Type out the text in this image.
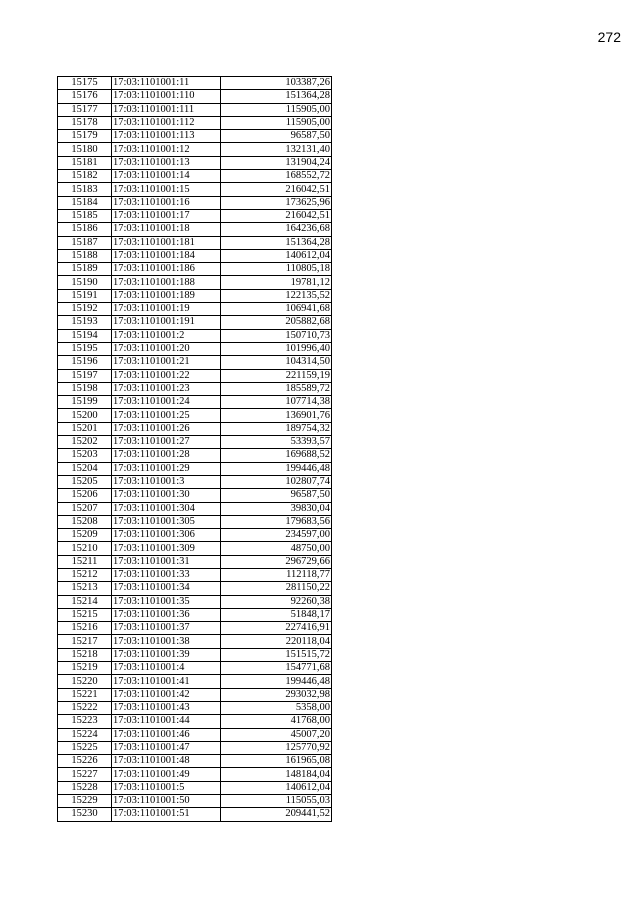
272
15175	17:03:1101001:11	103387,26
15176	17:03:1101001:110	151364,28
15177	17:03:1101001:111	115905,00
15178	17:03:1101001:112	115905,00
15179	17:03:1101001:113	96587,50
15180	17:03:1101001:12	132131,40
15181	17:03:1101001:13	131904,24
15182	17:03:1101001:14	168552,72
15183	17:03:1101001:15	216042,51
15184	17:03:1101001:16	173625,96
15185	17:03:1101001:17	216042,51
15186	17:03:1101001:18	164236,68
15187	17:03:1101001:181	151364,28
15188	17:03:1101001:184	140612,04
15189	17:03:1101001:186	110805,18
15190	17:03:1101001:188	19781,12
15191	17:03:1101001:189	122135,52
15192	17:03:1101001:19	106941,68
15193	17:03:1101001:191	205882,68
15194	17:03:1101001:2	150710,73
15195	17:03:1101001:20	101996,40
15196	17:03:1101001:21	104314,50
15197	17:03:1101001:22	221159,19
15198	17:03:1101001:23	185589,72
15199	17:03:1101001:24	107714,38
15200	17:03:1101001:25	136901,76
15201	17:03:1101001:26	189754,32
15202	17:03:1101001:27	53393,57
15203	17:03:1101001:28	169688,52
15204	17:03:1101001:29	199446,48
15205	17:03:1101001:3	102807,74
15206	17:03:1101001:30	96587,50
15207	17:03:1101001:304	39830,04
15208	17:03:1101001:305	179683,56
15209	17:03:1101001:306	234597,00
15210	17:03:1101001:309	48750,00
15211	17:03:1101001:31	296729,66
15212	17:03:1101001:33	112118,77
15213	17:03:1101001:34	281150,22
15214	17:03:1101001:35	92260,38
15215	17:03:1101001:36	51848,17
15216	17:03:1101001:37	227416,91
15217	17:03:1101001:38	220118,04
15218	17:03:1101001:39	151515,72
15219	17:03:1101001:4	154771,68
15220	17:03:1101001:41	199446,48
15221	17:03:1101001:42	293032,98
15222	17:03:1101001:43	5358,00
15223	17:03:1101001:44	41768,00
15224	17:03:1101001:46	45007,20
15225	17:03:1101001:47	125770,92
15226	17:03:1101001:48	161965,08
15227	17:03:1101001:49	148184,04
15228	17:03:1101001:5	140612,04
15229	17:03:1101001:50	115055,03
15230	17:03:1101001:51	209441,52
